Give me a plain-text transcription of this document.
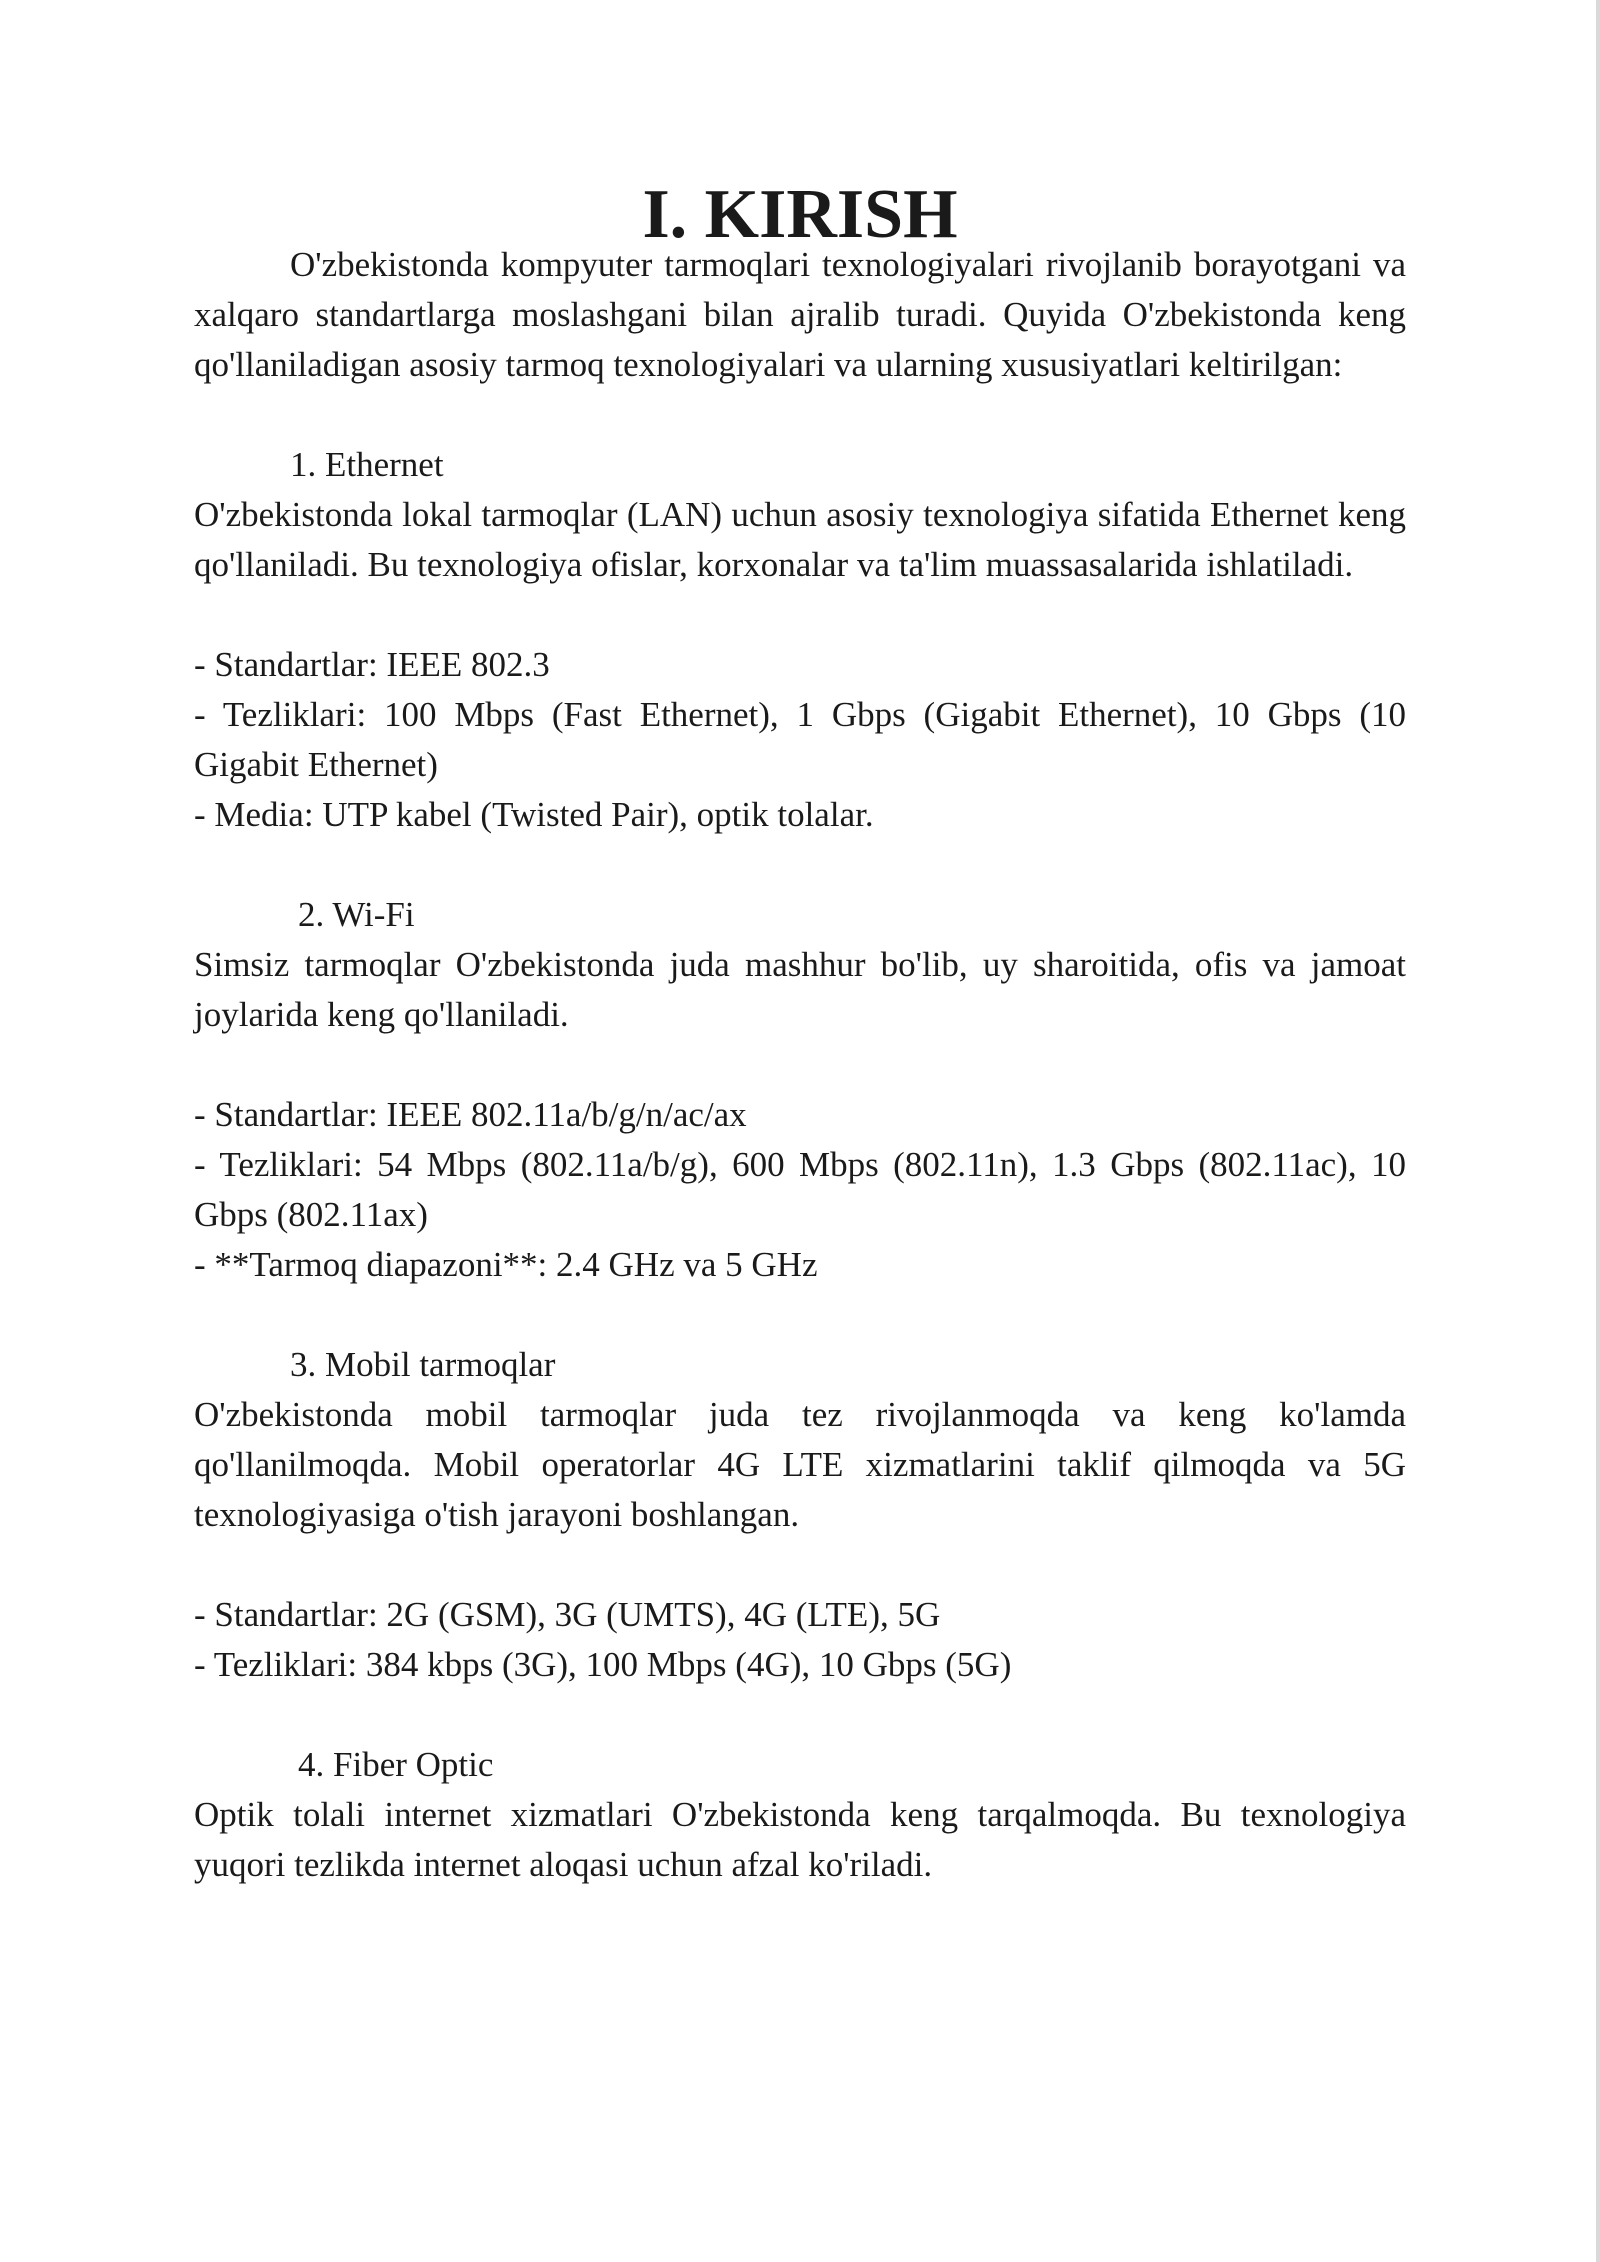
I. KIRISH

O'zbekistonda kompyuter tarmoqlari texnologiyalari rivojlanib borayotgani va xalqaro standartlarga moslashgani bilan ajralib turadi. Quyida O'zbekistonda keng qo'llaniladigan asosiy tarmoq texnologiyalari va ularning xususiyatlari keltirilgan:

1. Ethernet

O'zbekistonda lokal tarmoqlar (LAN) uchun asosiy texnologiya sifatida Ethernet keng qo'llaniladi. Bu texnologiya ofislar, korxonalar va ta'lim muassasalarida ishlatiladi.

- Standartlar: IEEE 802.3

- Tezliklari: 100 Mbps (Fast Ethernet), 1 Gbps (Gigabit Ethernet), 10 Gbps (10 Gigabit Ethernet)

- Media: UTP kabel (Twisted Pair), optik tolalar.

2. Wi-Fi

Simsiz tarmoqlar O'zbekistonda juda mashhur bo'lib, uy sharoitida, ofis va jamoat joylarida keng qo'llaniladi.

- Standartlar: IEEE 802.11a/b/g/n/ac/ax

- Tezliklari: 54 Mbps (802.11a/b/g), 600 Mbps (802.11n), 1.3 Gbps (802.11ac), 10 Gbps (802.11ax)

- **Tarmoq diapazoni**: 2.4 GHz va 5 GHz

3. Mobil tarmoqlar

O'zbekistonda mobil tarmoqlar juda tez rivojlanmoqda va keng ko'lamda qo'llanilmoqda. Mobil operatorlar 4G LTE xizmatlarini taklif qilmoqda va 5G texnologiyasiga o'tish jarayoni boshlangan.

- Standartlar: 2G (GSM), 3G (UMTS), 4G (LTE), 5G

- Tezliklari: 384 kbps (3G), 100 Mbps (4G), 10 Gbps (5G)

4. Fiber Optic

Optik tolali internet xizmatlari O'zbekistonda keng tarqalmoqda. Bu texnologiya yuqori tezlikda internet aloqasi uchun afzal ko'riladi.
